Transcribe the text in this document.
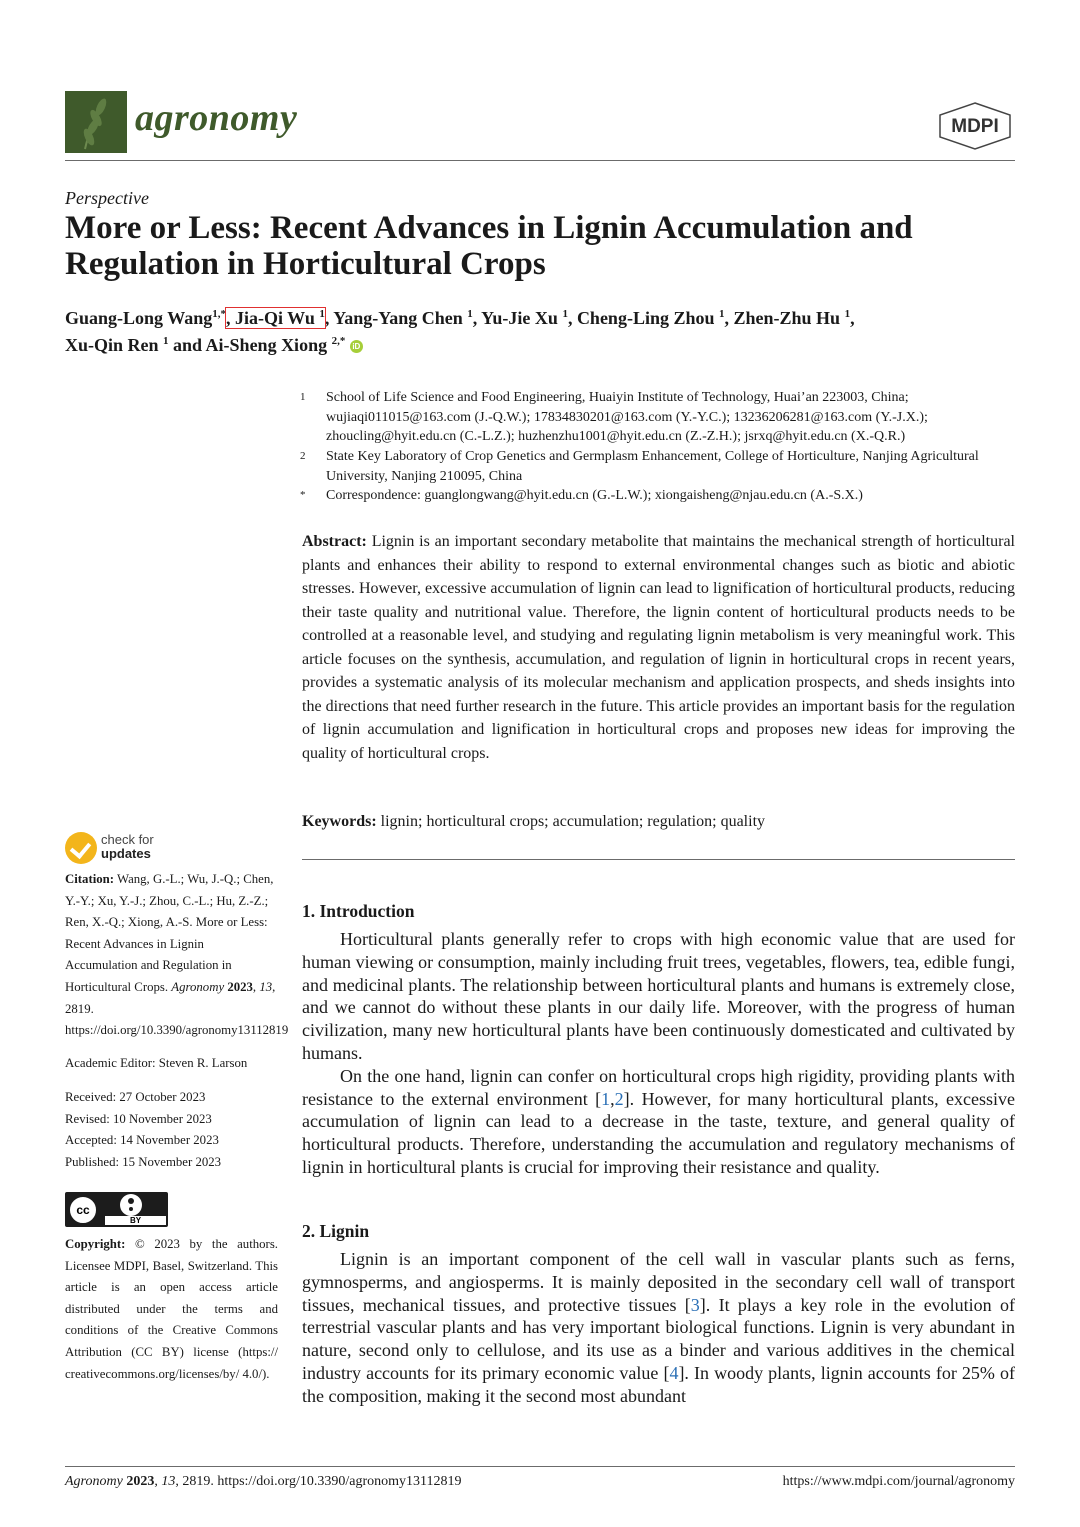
agronomy	MDPI
Perspective
More or Less: Recent Advances in Lignin Accumulation and Regulation in Horticultural Crops
Guang-Long Wang$^{1,*}$, Jia-Qi Wu $^1$, Yang-Yang Chen $^1$, Yu-Jie Xu $^1$, Cheng-Ling Zhou $^1$, Zhen-Zhu Hu $^1$,
Xu-Qin Ren $^1$ and Ai-Sheng Xiong $^{2,*}$ iD
1 School of Life Science and Food Engineering, Huaiyin Institute of Technology, Huai’an 223003, China; wujiaqi011015@163.com (J.-Q.W.); 17834830201@163.com (Y.-Y.C.); 13236206281@163.com (Y.-J.X.); zhoucling@hyit.edu.cn (C.-L.Z.); huzhenzhu1001@hyit.edu.cn (Z.-Z.H.); jsrxq@hyit.edu.cn (X.-Q.R.)
2 State Key Laboratory of Crop Genetics and Germplasm Enhancement, College of Horticulture, Nanjing Agricultural University, Nanjing 210095, China
* Correspondence: guanglongwang@hyit.edu.cn (G.-L.W.); xiongaisheng@njau.edu.cn (A.-S.X.)
Abstract: Lignin is an important secondary metabolite that maintains the mechanical strength of horticultural plants and enhances their ability to respond to external environmental changes such as biotic and abiotic stresses. However, excessive accumulation of lignin can lead to lignification of horticultural products, reducing their taste quality and nutritional value. Therefore, the lignin content of horticultural products needs to be controlled at a reasonable level, and studying and regulating lignin metabolism is very meaningful work. This article focuses on the synthesis, accumulation, and regulation of lignin in horticultural crops in recent years, provides a systematic analysis of its molecular mechanism and application prospects, and sheds insights into the directions that need further research in the future. This article provides an important basis for the regulation of lignin accumulation and lignification in horticultural crops and proposes new ideas for improving the quality of horticultural crops.
Keywords: lignin; horticultural crops; accumulation; regulation; quality
check for
updates
Citation: Wang, G.-L.; Wu, J.-Q.; Chen, Y.-Y.; Xu, Y.-J.; Zhou, C.-L.; Hu, Z.-Z.; Ren, X.-Q.; Xiong, A.-S. More or Less: Recent Advances in Lignin Accumulation and Regulation in Horticultural Crops. Agronomy 2023, 13, 2819. https://doi.org/10.3390/agronomy13112819
Academic Editor: Steven R. Larson
Received: 27 October 2023
Revised: 10 November 2023
Accepted: 14 November 2023
Published: 15 November 2023
cc
BY
Copyright: © 2023 by the authors. Licensee MDPI, Basel, Switzerland. This article is an open access article distributed under the terms and conditions of the Creative Commons Attribution (CC BY) license (https:// creativecommons.org/licenses/by/ 4.0/).
1. Introduction

Horticultural plants generally refer to crops with high economic value that are used for human viewing or consumption, mainly including fruit trees, vegetables, flowers, tea, edible fungi, and medicinal plants. The relationship between horticultural plants and humans is extremely close, and we cannot do without these plants in our daily life. Moreover, with the progress of human civilization, many new horticultural plants have been continuously domesticated and cultivated by humans.

On the one hand, lignin can confer on horticultural crops high rigidity, providing plants with resistance to the external environment [1,2]. However, for many horticultural plants, excessive accumulation of lignin can lead to a decrease in the taste, texture, and general quality of horticultural products. Therefore, understanding the accumulation and regulatory mechanisms of lignin in horticultural plants is crucial for improving their resistance and quality.

2. Lignin

Lignin is an important component of the cell wall in vascular plants such as ferns, gymnosperms, and angiosperms. It is mainly deposited in the secondary cell wall of transport tissues, mechanical tissues, and protective tissues [3]. It plays a key role in the evolution of terrestrial vascular plants and has very important biological functions. Lignin is very abundant in nature, second only to cellulose, and its use as a binder and various additives in the chemical industry accounts for its primary economic value [4]. In woody plants, lignin accounts for 25% of the composition, making it the second most abundant

Agronomy 2023, 13, 2819. https://doi.org/10.3390/agronomy13112819	https://www.mdpi.com/journal/agronomy
